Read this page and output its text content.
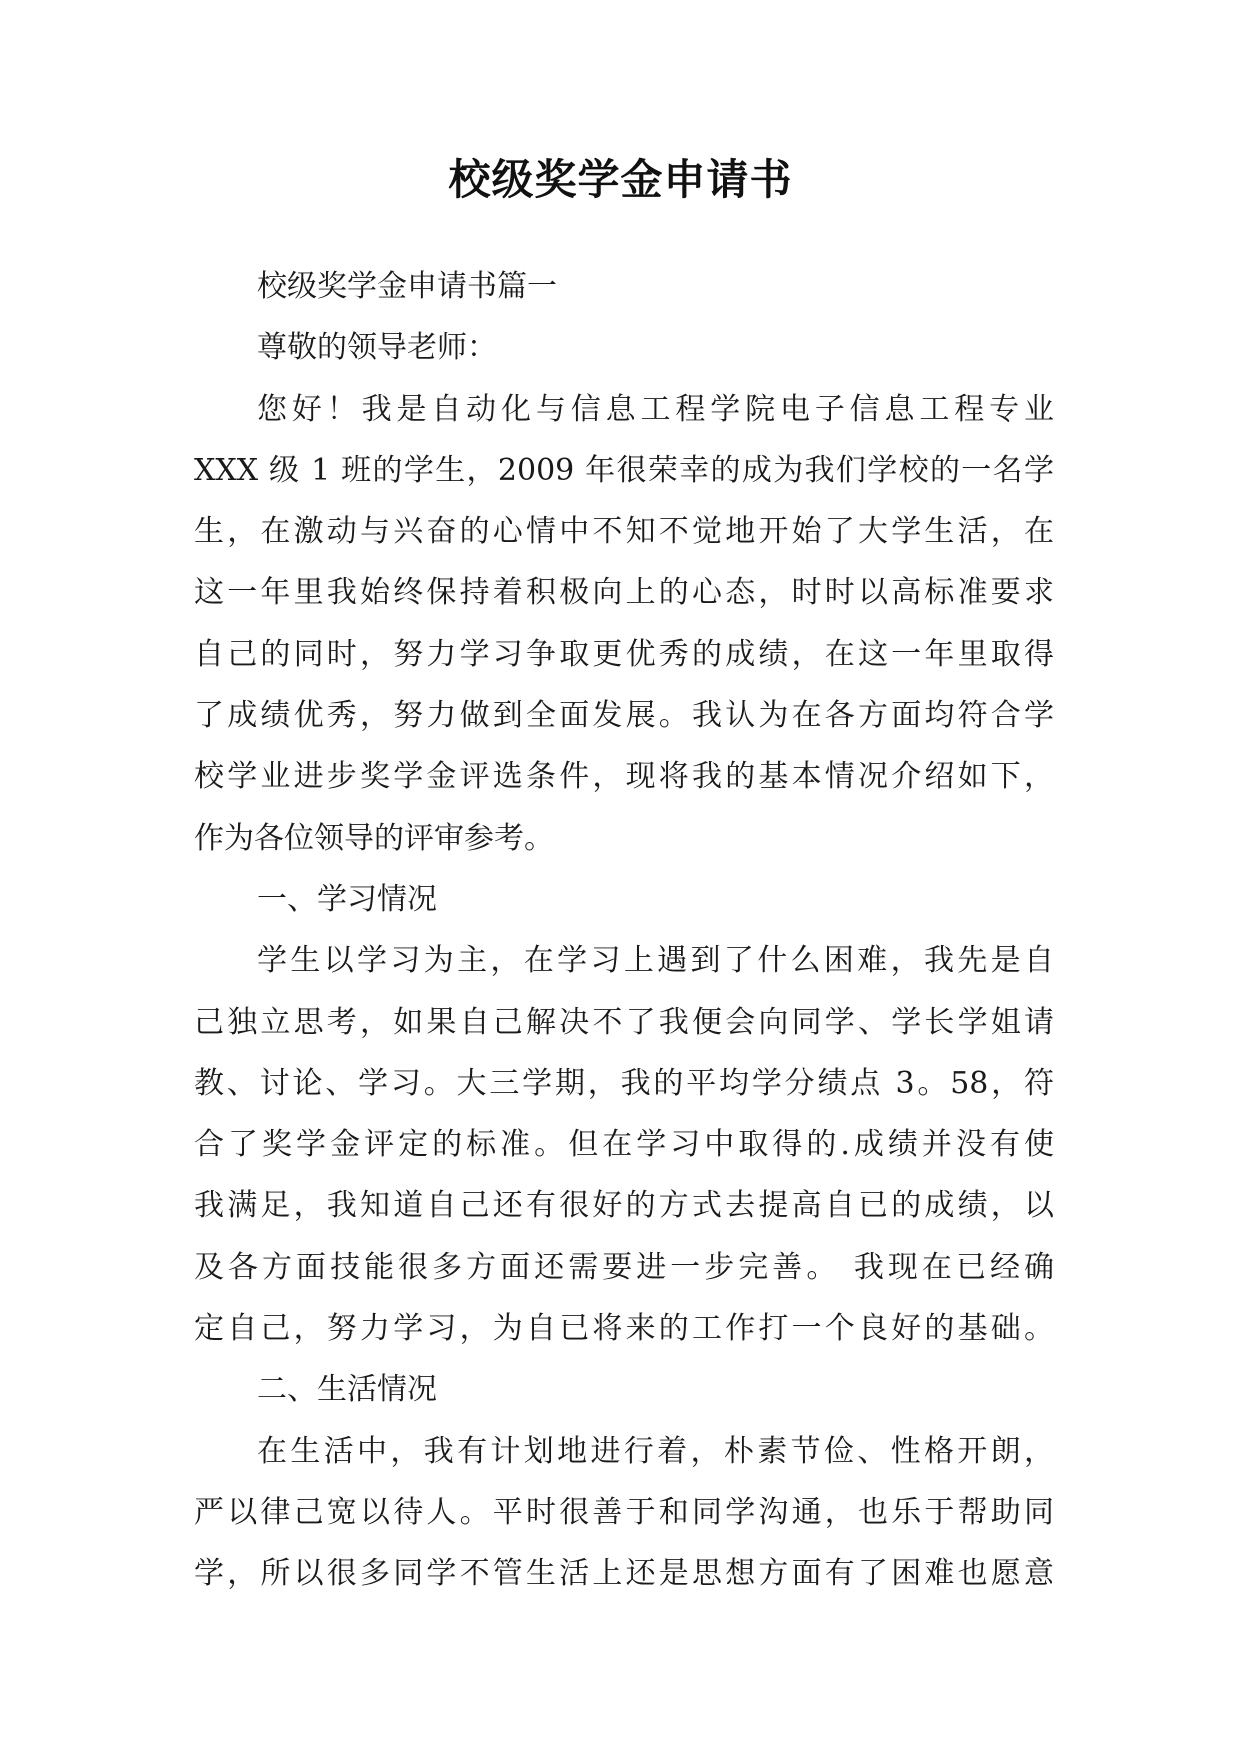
校级奖学金申请书
校级奖学金申请书篇一
尊敬的领导老师：
您好！我是自动化与信息工程学院电子信息工程专业
XXX 级 1 班的学生，2009 年很荣幸的成为我们学校的一名学
生，在激动与兴奋的心情中不知不觉地开始了大学生活，在
这一年里我始终保持着积极向上的心态，时时以高标准要求
自己的同时，努力学习争取更优秀的成绩，在这一年里取得
了成绩优秀，努力做到全面发展。我认为在各方面均符合学
校学业进步奖学金评选条件，现将我的基本情况介绍如下，
作为各位领导的评审参考。
一、学习情况
学生以学习为主，在学习上遇到了什么困难，我先是自
己独立思考，如果自己解决不了我便会向同学、学长学姐请
教、讨论、学习。大三学期，我的平均学分绩点 3。58，符
合了奖学金评定的标准。但在学习中取得的.成绩并没有使
我满足，我知道自己还有很好的方式去提高自已的成绩，以
及各方面技能很多方面还需要进一步完善。 我现在已经确
定自己，努力学习，为自已将来的工作打一个良好的基础。
二、生活情况
在生活中，我有计划地进行着，朴素节俭、性格开朗，
严以律己宽以待人。平时很善于和同学沟通，也乐于帮助同
学，所以很多同学不管生活上还是思想方面有了困难也愿意
